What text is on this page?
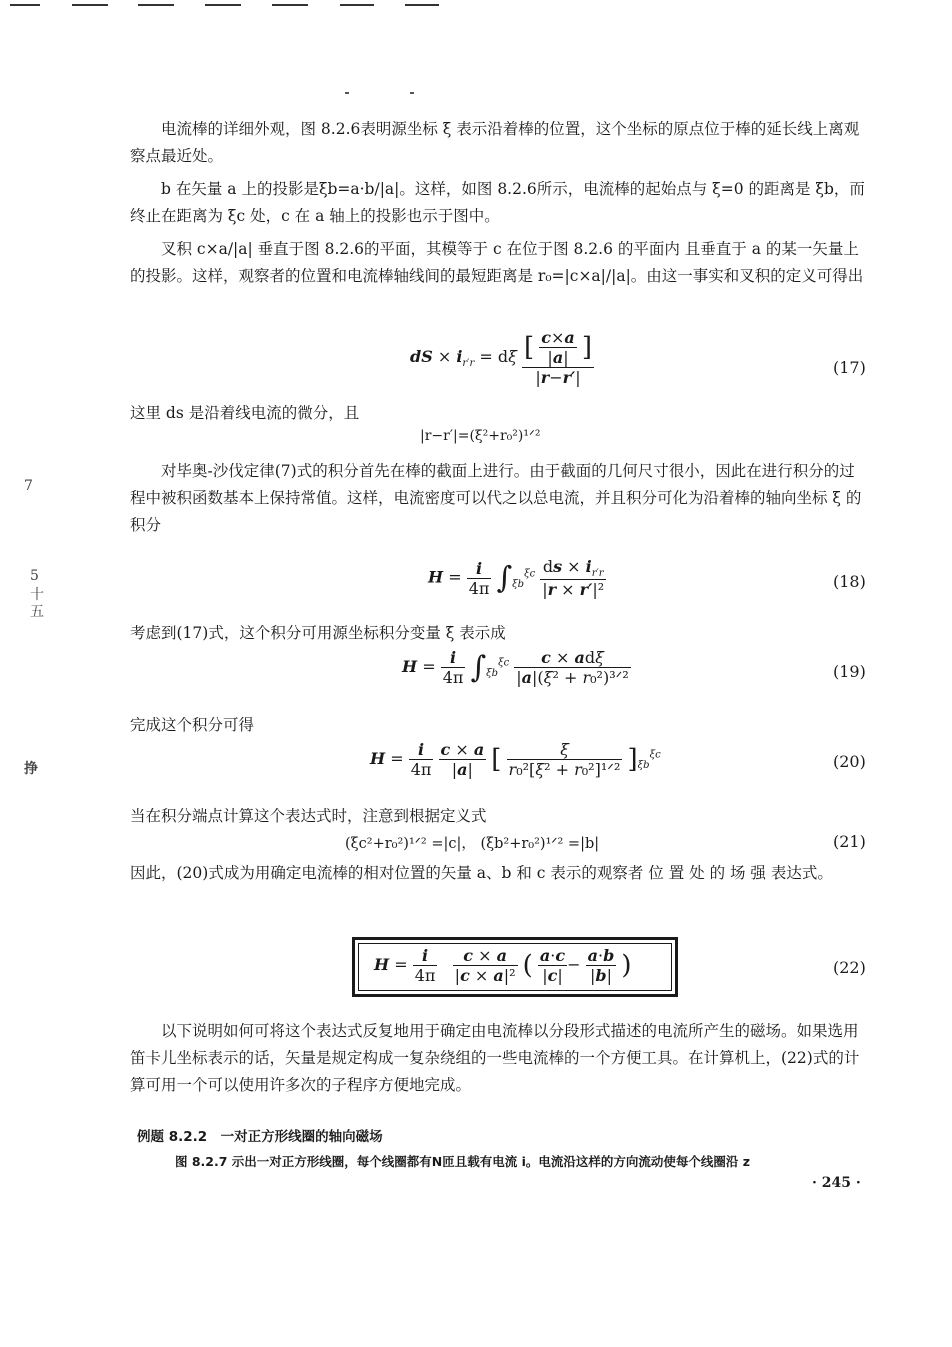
7
5
十
五
挣
电流棒的详细外观，图 8.2.6表明源坐标 ξ 表示沿着棒的位置，这个坐标的原点位于棒的延长线上离观察点最近处。
b 在矢量 a 上的投影是ξb=a·b/|a|。这样，如图 8.2.6所示，电流棒的起始点与 ξ=0 的距离是 ξb，而终止在距离为 ξc 处，c 在 a 轴上的投影也示于图中。
叉积 c×a/|a| 垂直于图 8.2.6的平面，其模等于 c 在位于图 8.2.6 的平面内 且垂直于 a 的某一矢量上的投影。这样，观察者的位置和电流棒轴线间的最短距离是 r₀=|c×a|/|a|。由这一事实和叉积的定义可得出
dS × $i_{r'r} = d\xi \frac{[ \frac{c\times a}{|a|} ]}{|r-r'|}$	(17)
这里 ds 是沿着线电流的微分，且
|r−r′|=(ξ²+r₀²)¹ᐟ²
对毕奥-沙伐定律(7)式的积分首先在棒的截面上进行。由于截面的几何尺寸很小，因此在进行积分的过程中被积函数基本上保持常值。这样，电流密度可以代之以总电流，并且积分可化为沿着棒的轴向坐标 ξ 的积分
$H = \frac{i}{4\pi} \int_{\xi b}^{\xi c} \frac{ds \times i_{r'r}}{\text{|r × r′|²}}$	(18)
考虑到(17)式，这个积分可用源坐标积分变量 ξ 表示成
$H = \frac{i}{4\pi} \int_{\xi b}^{\xi c} \frac{\text{c × adξ}}{\text{|a|(ξ² + r₀²)³ᐟ²}}$	(19)
完成这个积分可得
$H = \frac{i}{4\pi}$
$\frac{c \times a}{|a|}$ [ $\frac{\xi}{\text{r₀²[ξ² + r₀²]¹ᐟ²}} ]_{\xi b}^{\xi c}$	(20)
当在积分端点计算这个表达式时，注意到根据定义式
(ξc²+r₀²)¹ᐟ² =|c|， (ξb²+r₀²)¹ᐟ² =|b|	(21)
因此，(20)式成为用确定电流棒的相对位置的矢量 a、b 和 c 表示的观察者 位 置 处 的 场 强 表达式。
$H = \frac{i}{4\pi}$
$\frac{c \times a}{\text{|c × a|²}}$ ( $\frac{a\cdot c}{|c|} - \frac{a\cdot b}{|b|}$ )	(22)
以下说明如何可将这个表达式反复地用于确定由电流棒以分段形式描述的电流所产生的磁场。如果选用笛卡儿坐标表示的话，矢量是规定构成一复杂绕组的一些电流棒的一个方便工具。在计算机上，(22)式的计算可用一个可以使用许多次的子程序方便地完成。
例题 8.2.2　一对正方形线圈的轴向磁场
图 8.2.7 示出一对正方形线圈，每个线圈都有N匝且载有电流 i。电流沿这样的方向流动使每个线圈沿 z
· 245 ·
